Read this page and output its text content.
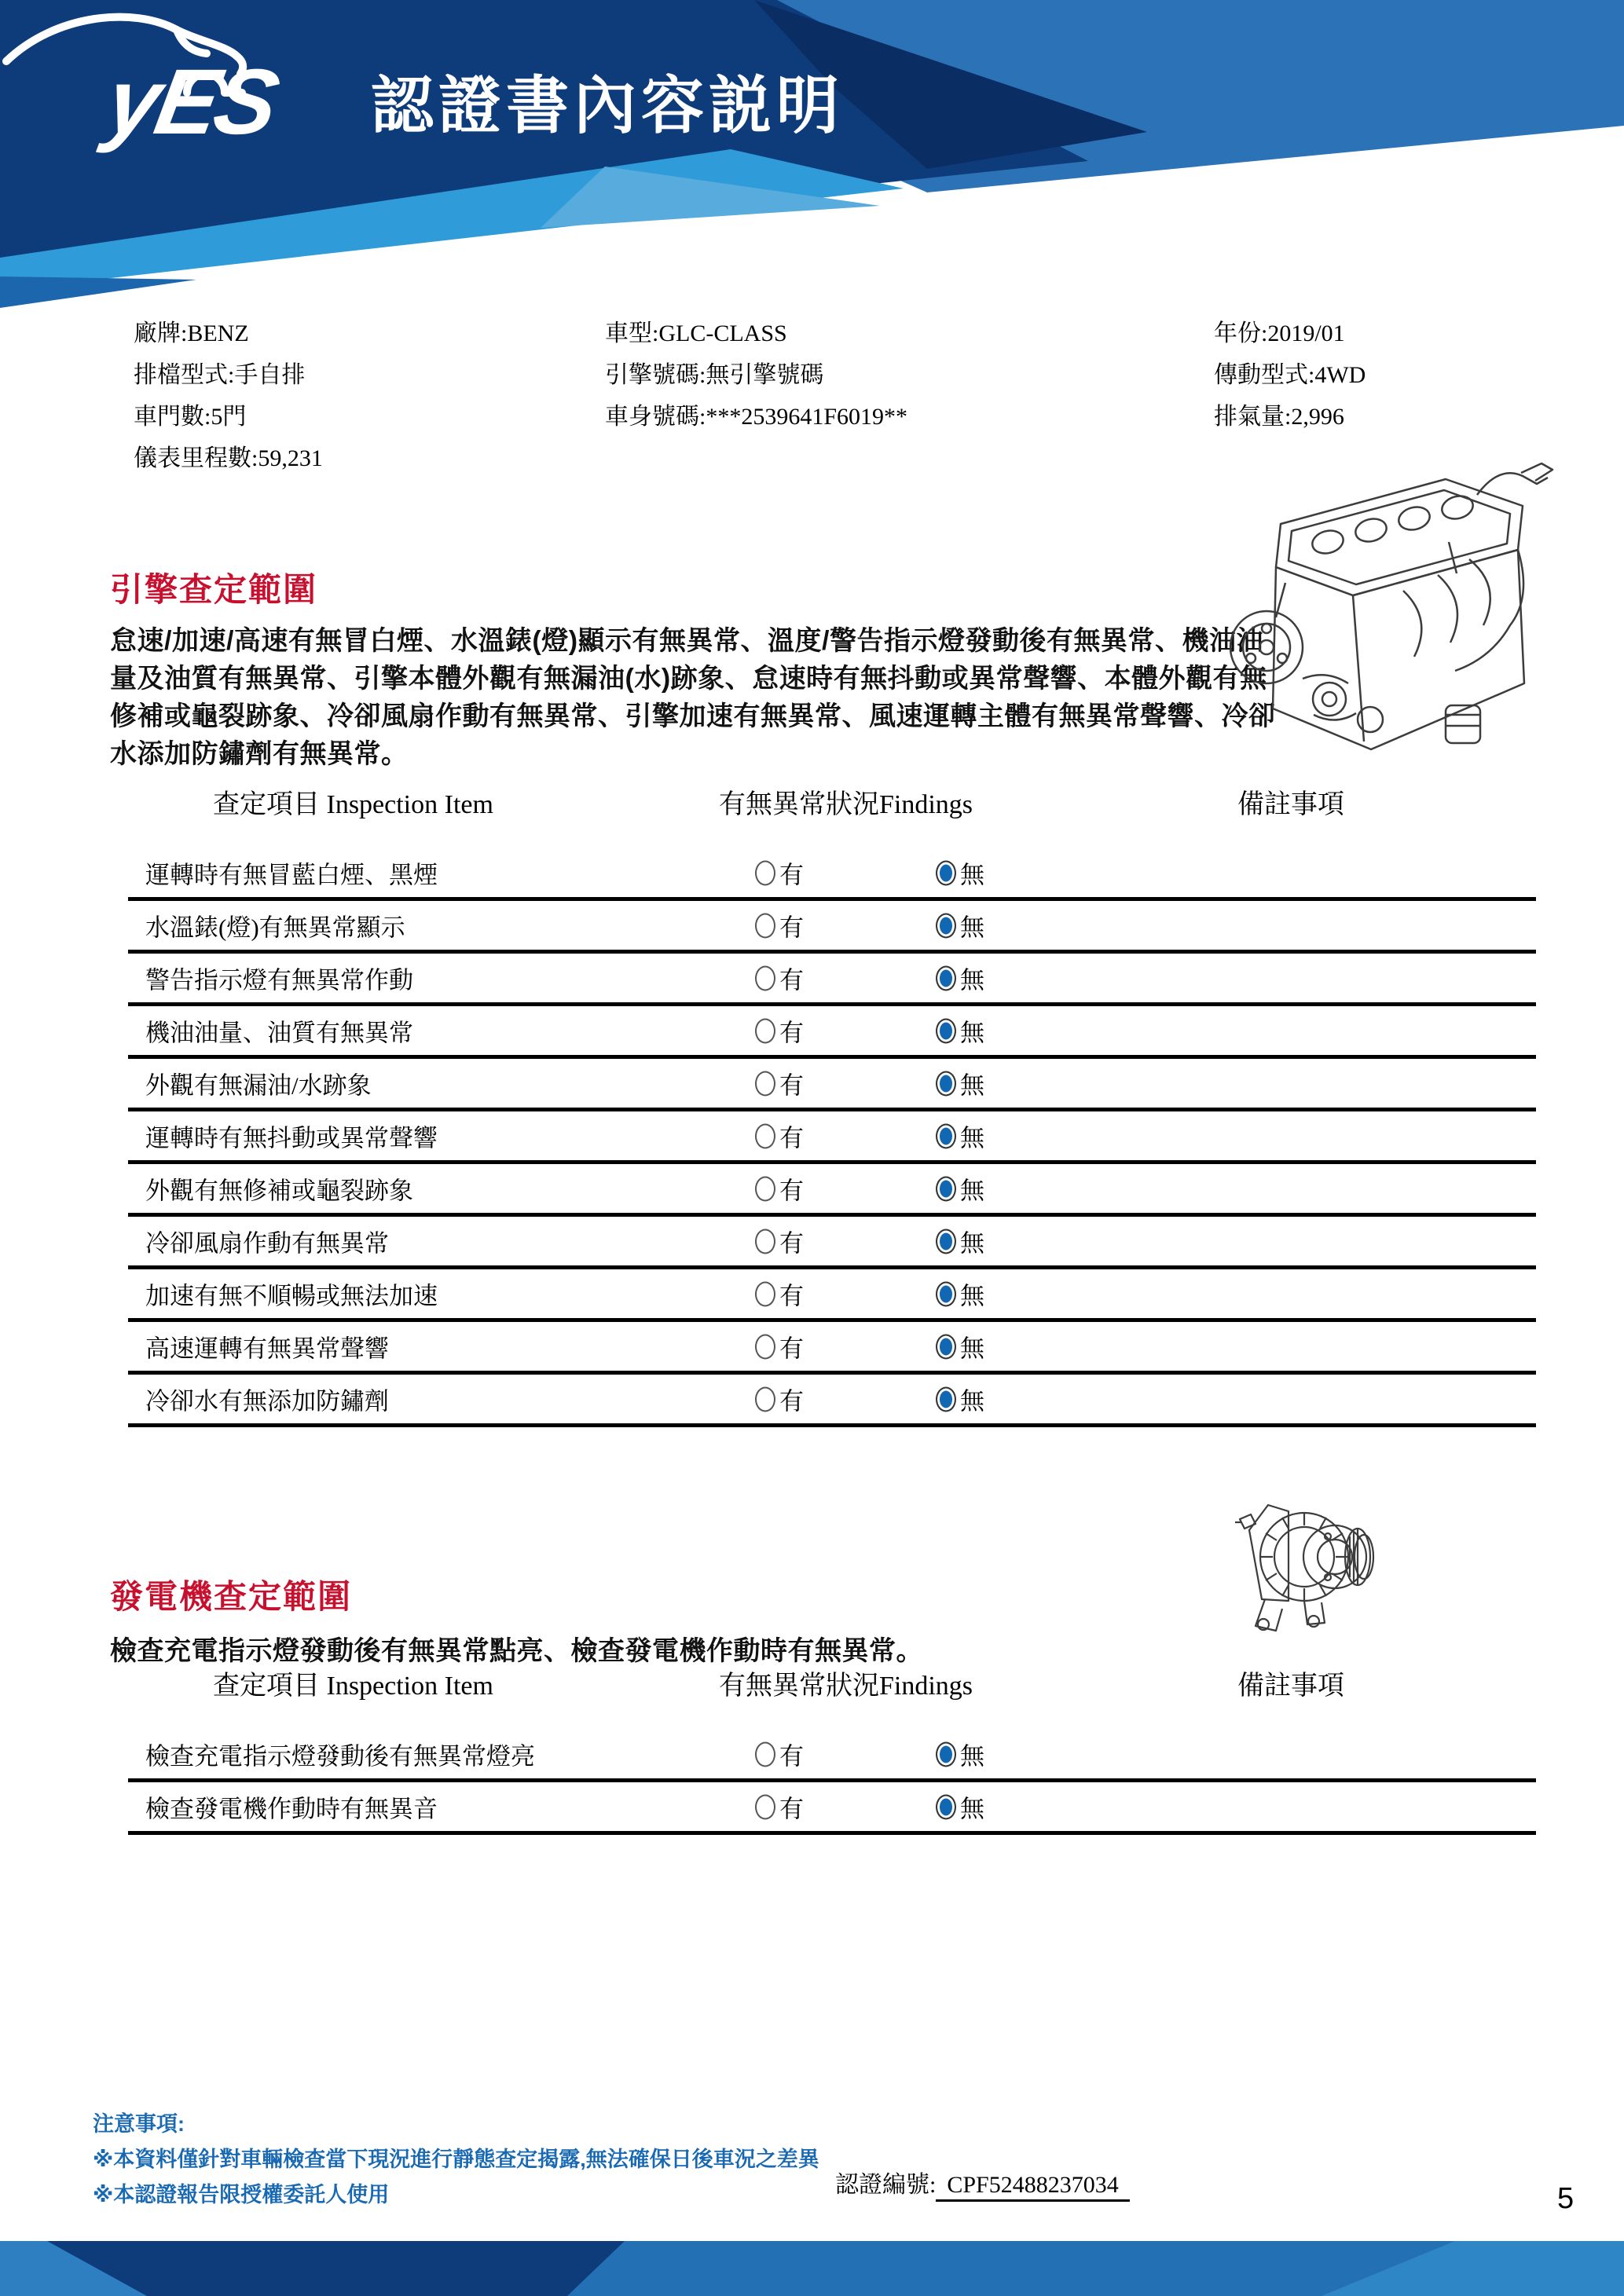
yES 認證書內容説明
廠牌:BENZ
排檔型式:手自排
車門數:5門
儀表里程數:59,231
車型:GLC-CLASS
引擎號碼:無引擎號碼
車身號碼:***2539641F6019**
年份:2019/01
傳動型式:4WD
排氣量:2,996
引擎查定範圍
怠速/加速/高速有無冒白煙、水溫錶(燈)顯示有無異常、溫度/警告指示燈發動後有無異常、機油油量及油質有無異常、引擎本體外觀有無漏油(水)跡象、怠速時有無抖動或異常聲響、本體外觀有無修補或龜裂跡象、冷卻風扇作動有無異常、引擎加速有無異常、風速運轉主體有無異常聲響、冷卻水添加防鏽劑有無異常。
查定項目 Inspection Item	有無異常狀況Findings	備註事項
運轉時有無冒藍白煙、黑煙	有	無
水溫錶(燈)有無異常顯示	有	無
警告指示燈有無異常作動	有	無
機油油量、油質有無異常	有	無
外觀有無漏油/水跡象	有	無
運轉時有無抖動或異常聲響	有	無
外觀有無修補或龜裂跡象	有	無
冷卻風扇作動有無異常	有	無
加速有無不順暢或無法加速	有	無
高速運轉有無異常聲響	有	無
冷卻水有無添加防鏽劑	有	無
發電機查定範圍
檢查充電指示燈發動後有無異常點亮、檢查發電機作動時有無異常。
查定項目 Inspection Item	有無異常狀況Findings	備註事項
檢查充電指示燈發動後有無異常燈亮	有	無
檢查發電機作動時有無異音	有	無
注意事項:
※本資料僅針對車輛檢查當下現況進行靜態查定揭露,無法確保日後車況之差異
※本認證報告限授權委託人使用	認證編號: CPF52488237034	5
